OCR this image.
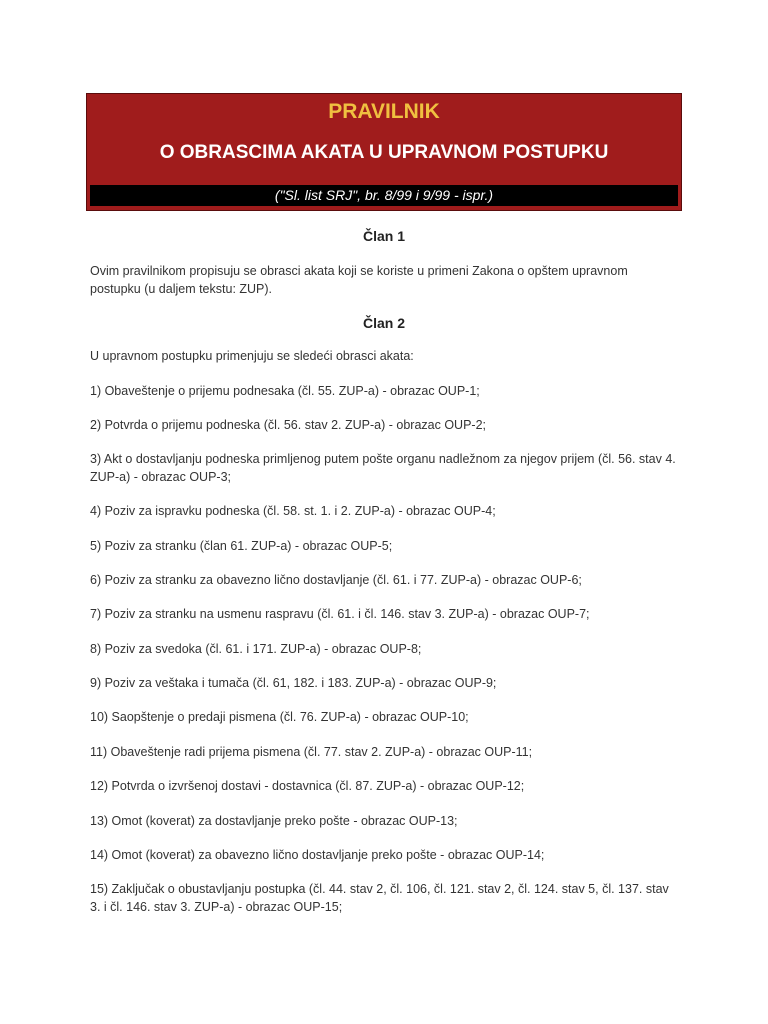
PRAVILNIK
O OBRASCIMA AKATA U UPRAVNOM POSTUPKU
("Sl. list SRJ", br. 8/99 i 9/99 - ispr.)
Član 1
Ovim pravilnikom propisuju se obrasci akata koji se koriste u primeni Zakona o opštem upravnom postupku (u daljem tekstu: ZUP).
Član 2
U upravnom postupku primenjuju se sledeći obrasci akata:
1) Obaveštenje o prijemu podnesaka (čl. 55. ZUP-a) - obrazac OUP-1;
2) Potvrda o prijemu podneska (čl. 56. stav 2. ZUP-a) - obrazac OUP-2;
3) Akt o dostavljanju podneska primljenog putem pošte organu nadležnom za njegov prijem (čl. 56. stav 4. ZUP-a) - obrazac OUP-3;
4) Poziv za ispravku podneska (čl. 58. st. 1. i 2. ZUP-a) - obrazac OUP-4;
5) Poziv za stranku (član 61. ZUP-a) - obrazac OUP-5;
6) Poziv za stranku za obavezno lično dostavljanje (čl. 61. i 77. ZUP-a) - obrazac OUP-6;
7) Poziv za stranku na usmenu raspravu (čl. 61. i čl. 146. stav 3. ZUP-a) - obrazac OUP-7;
8) Poziv za svedoka (čl. 61. i 171. ZUP-a) - obrazac OUP-8;
9) Poziv za veštaka i tumača (čl. 61, 182. i 183. ZUP-a) - obrazac OUP-9;
10) Saopštenje o predaji pismena (čl. 76. ZUP-a) - obrazac OUP-10;
11) Obaveštenje radi prijema pismena (čl. 77. stav 2. ZUP-a) - obrazac OUP-11;
12) Potvrda o izvršenoj dostavi - dostavnica (čl. 87. ZUP-a) - obrazac OUP-12;
13) Omot (koverat) za dostavljanje preko pošte - obrazac OUP-13;
14) Omot (koverat) za obavezno lično dostavljanje preko pošte - obrazac OUP-14;
15) Zaključak o obustavljanju postupka (čl. 44. stav 2, čl. 106, čl. 121. stav 2, čl. 124. stav 5, čl. 137. stav 3. i čl. 146. stav 3. ZUP-a) - obrazac OUP-15;
